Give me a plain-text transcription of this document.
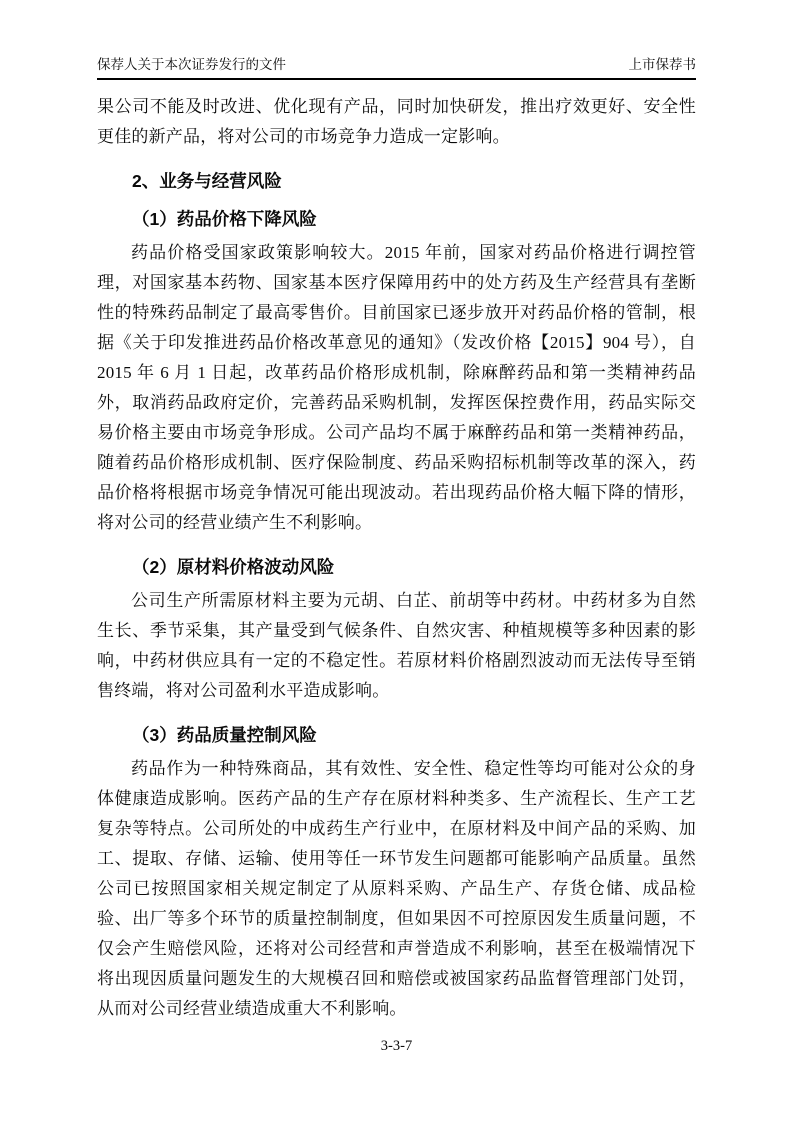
保荐人关于本次证券发行的文件	上市保荐书

果公司不能及时改进、优化现有产品，同时加快研发，推出疗效更好、安全性更佳的新产品，将对公司的市场竞争力造成一定影响。

2、业务与经营风险
（1）药品价格下降风险

药品价格受国家政策影响较大。2015 年前，国家对药品价格进行调控管理，对国家基本药物、国家基本医疗保障用药中的处方药及生产经营具有垄断性的特殊药品制定了最高零售价。目前国家已逐步放开对药品价格的管制，根据《关于印发推进药品价格改革意见的通知》（发改价格【2015】904 号），自 2015 年 6 月 1 日起，改革药品价格形成机制，除麻醉药品和第一类精神药品外，取消药品政府定价，完善药品采购机制，发挥医保控费作用，药品实际交易价格主要由市场竞争形成。公司产品均不属于麻醉药品和第一类精神药品，随着药品价格形成机制、医疗保险制度、药品采购招标机制等改革的深入，药品价格将根据市场竞争情况可能出现波动。若出现药品价格大幅下降的情形，将对公司的经营业绩产生不利影响。

（2）原材料价格波动风险

公司生产所需原材料主要为元胡、白芷、前胡等中药材。中药材多为自然生长、季节采集，其产量受到气候条件、自然灾害、种植规模等多种因素的影响，中药材供应具有一定的不稳定性。若原材料价格剧烈波动而无法传导至销售终端，将对公司盈利水平造成影响。

（3）药品质量控制风险

药品作为一种特殊商品，其有效性、安全性、稳定性等均可能对公众的身体健康造成影响。医药产品的生产存在原材料种类多、生产流程长、生产工艺复杂等特点。公司所处的中成药生产行业中，在原材料及中间产品的采购、加工、提取、存储、运输、使用等任一环节发生问题都可能影响产品质量。虽然公司已按照国家相关规定制定了从原料采购、产品生产、存货仓储、成品检验、出厂等多个环节的质量控制制度，但如果因不可控原因发生质量问题，不仅会产生赔偿风险，还将对公司经营和声誉造成不利影响，甚至在极端情况下将出现因质量问题发生的大规模召回和赔偿或被国家药品监督管理部门处罚，从而对公司经营业绩造成重大不利影响。

3-3-7
